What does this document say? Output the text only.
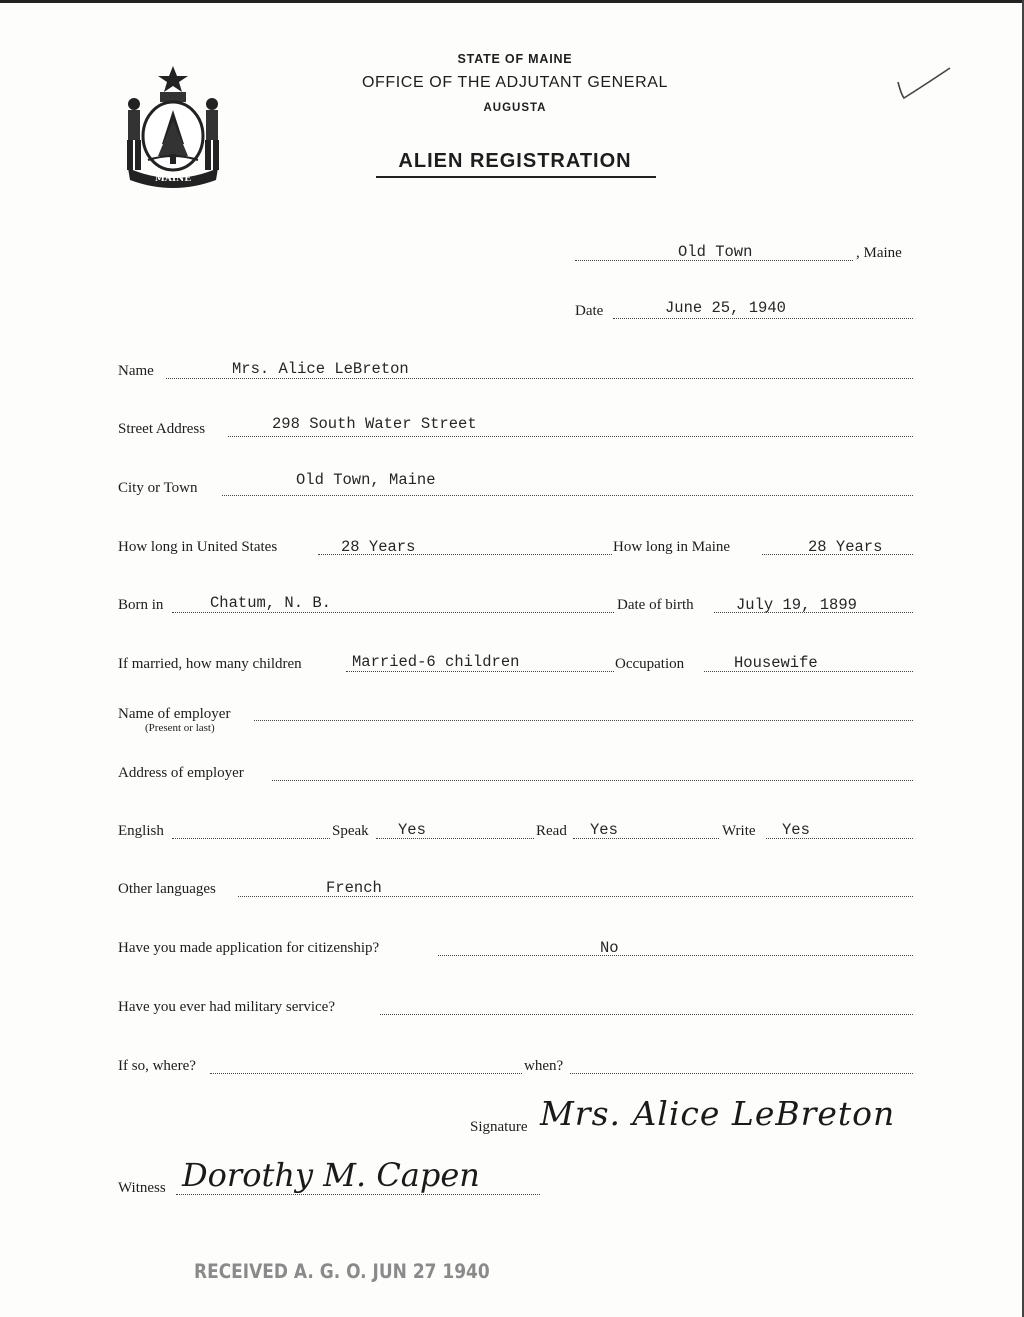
MAINE
STATE OF MAINE
OFFICE OF THE ADJUTANT GENERAL
AUGUSTA
ALIEN REGISTRATION
Old Town	, Maine
Date	June 25, 1940
Name	Mrs. Alice LeBreton
Street Address	298 South Water Street
City or Town	Old Town, Maine
How long in United States	28 Years	How long in Maine	28 Years
Born in	Chatum, N. B.	Date of birth	July 19, 1899
If married, how many children	Married-6 children	Occupation	Housewife
Name of employer
(Present or last)
Address of employer
English	Speak Yes	Read Yes	Write Yes
Other languages	French
Have you made application for citizenship?	No
Have you ever had military service?
If so, where?	when?
Signature Mrs. Alice LeBreton
Witness Dorothy M. Capen
RECEIVED A. G. O. JUN 27 1940
